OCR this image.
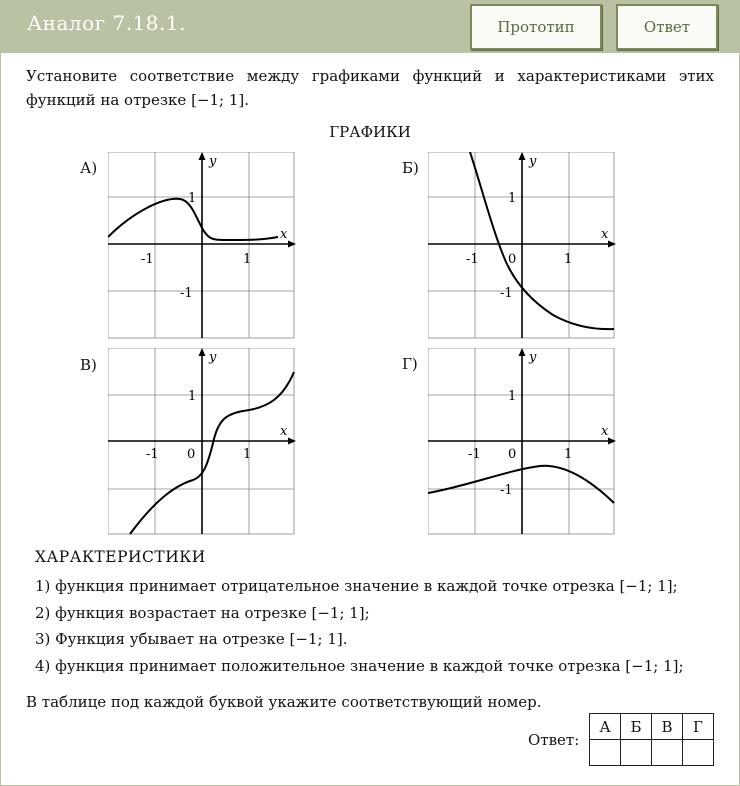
Аналог 7.18.1.	Прототип	Ответ
Установите соответствие между графиками функций и характеристиками этих функций на отрезке [−1; 1].
ГРАФИКИ
А)
-1	1
1
-1
x
y	Б)
-1 0	1
1
-1
x
y
В)
-1 0	1
1
x
y	Г)
-1 0	1
1
-1
x
y
ХАРАКТЕРИСТИКИ
1) функция принимает отрицательное значение в каждой точке отрезка [−1; 1];
2) функция возрастает на отрезке [−1; 1];
3) Функция убывает на отрезке [−1; 1].
4) функция принимает положительное значение в каждой точке отрезка [−1; 1];
В таблице под каждой буквой укажите соответствующий номер.
Ответ:
А	Б	В	Г
